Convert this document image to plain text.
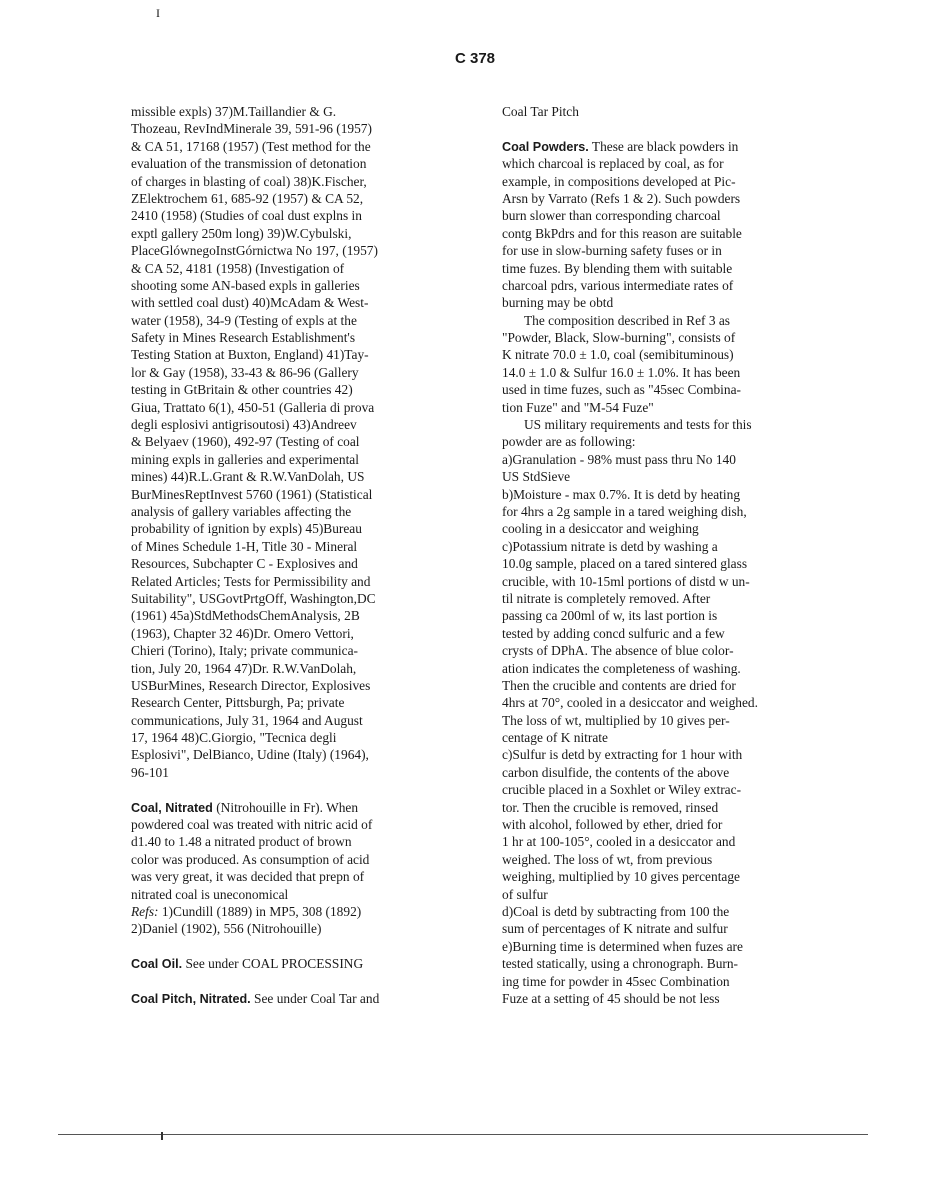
I
C 378
missible expls) 37)M.Taillandier & G.
Thozeau, RevIndMinerale 39, 591-96 (1957)
& CA 51, 17168 (1957) (Test method for the
evaluation of the transmission of detonation
of charges in blasting of coal) 38)K.Fischer,
ZElektrochem 61, 685-92 (1957) & CA 52,
2410 (1958) (Studies of coal dust explns in
exptl gallery 250m long) 39)W.Cybulski,
PlaceGlównegoInstGórnictwa No 197, (1957)
& CA 52, 4181 (1958) (Investigation of
shooting some AN-based expls in galleries
with settled coal dust) 40)McAdam & West-
water (1958), 34-9 (Testing of expls at the
Safety in Mines Research Establishment's
Testing Station at Buxton, England) 41)Tay-
lor & Gay (1958), 33-43 & 86-96 (Gallery
testing in GtBritain & other countries 42)
Giua, Trattato 6(1), 450-51 (Galleria di prova
degli esplosivi antigrisoutosi) 43)Andreev
& Belyaev (1960), 492-97 (Testing of coal
mining expls in galleries and experimental
mines) 44)R.L.Grant & R.W.VanDolah, US
BurMinesReptInvest 5760 (1961) (Statistical
analysis of gallery variables affecting the
probability of ignition by expls) 45)Bureau
of Mines Schedule 1-H, Title 30 - Mineral
Resources, Subchapter C - Explosives and
Related Articles; Tests for Permissibility and
Suitability", USGovtPrtgOff, Washington,DC
(1961) 45a)StdMethodsChemAnalysis, 2B
(1963), Chapter 32 46)Dr. Omero Vettori,
Chieri (Torino), Italy; private communica-
tion, July 20, 1964 47)Dr. R.W.VanDolah,
USBurMines, Research Director, Explosives
Research Center, Pittsburgh, Pa; private
communications, July 31, 1964 and August
17, 1964 48)C.Giorgio, "Tecnica degli
Esplosivi", DelBianco, Udine (Italy) (1964),
96-101
Coal, Nitrated (Nitrohouille in Fr). When
powdered coal was treated with nitric acid of
d1.40 to 1.48 a nitrated product of brown
color was produced. As consumption of acid
was very great, it was decided that prepn of
nitrated coal is uneconomical
Refs: 1)Cundill (1889) in MP5, 308 (1892)
2)Daniel (1902), 556 (Nitrohouille)
Coal Oil. See under COAL PROCESSING
Coal Pitch, Nitrated. See under Coal Tar and
Coal Tar Pitch
Coal Powders. These are black powders in
which charcoal is replaced by coal, as for
example, in compositions developed at Pic-
Arsn by Varrato (Refs 1 & 2). Such powders
burn slower than corresponding charcoal
contg BkPdrs and for this reason are suitable
for use in slow-burning safety fuses or in
time fuzes. By blending them with suitable
charcoal pdrs, various intermediate rates of
burning may be obtd
The composition described in Ref 3 as
"Powder, Black, Slow-burning", consists of
K nitrate 70.0 ± 1.0, coal (semibituminous)
14.0 ± 1.0 & Sulfur 16.0 ± 1.0%. It has been
used in time fuzes, such as "45sec Combina-
tion Fuze" and "M-54 Fuze"
US military requirements and tests for this
powder are as following:
a)Granulation - 98% must pass thru No 140
US StdSieve
b)Moisture - max 0.7%. It is detd by heating
for 4hrs a 2g sample in a tared weighing dish,
cooling in a desiccator and weighing
c)Potassium nitrate is detd by washing a
10.0g sample, placed on a tared sintered glass
crucible, with 10-15ml portions of distd w un-
til nitrate is completely removed. After
passing ca 200ml of w, its last portion is
tested by adding concd sulfuric and a few
crysts of DPhA. The absence of blue color-
ation indicates the completeness of washing.
Then the crucible and contents are dried for
4hrs at 70°, cooled in a desiccator and weighed.
The loss of wt, multiplied by 10 gives per-
centage of K nitrate
c)Sulfur is detd by extracting for 1 hour with
carbon disulfide, the contents of the above
crucible placed in a Soxhlet or Wiley extrac-
tor. Then the crucible is removed, rinsed
with alcohol, followed by ether, dried for
1 hr at 100-105°, cooled in a desiccator and
weighed. The loss of wt, from previous
weighing, multiplied by 10 gives percentage
of sulfur
d)Coal is detd by subtracting from 100 the
sum of percentages of K nitrate and sulfur
e)Burning time is determined when fuzes are
tested statically, using a chronograph. Burn-
ing time for powder in 45sec Combination
Fuze at a setting of 45 should be not less
